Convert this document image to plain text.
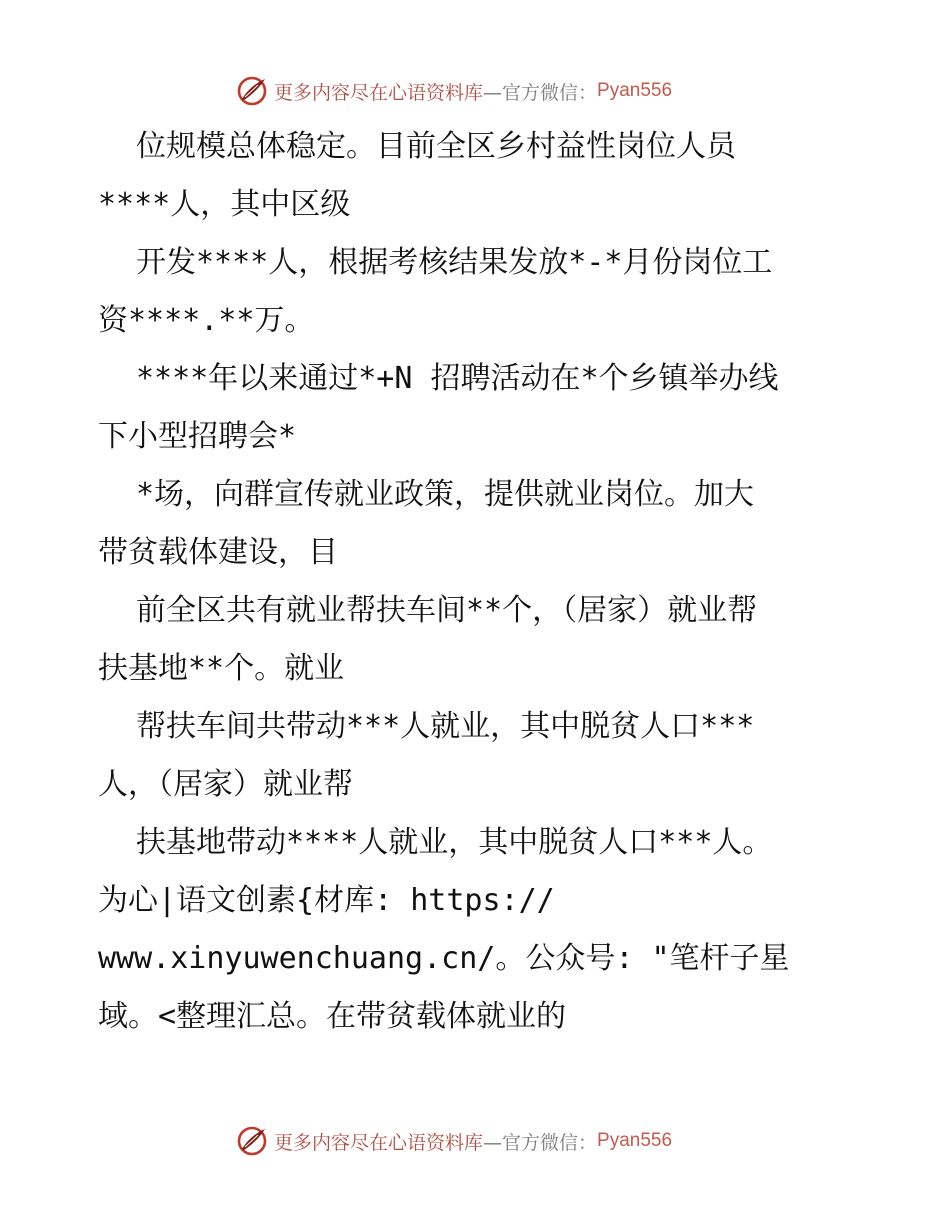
更多内容尽在心语资料库 —官方微信： Pyan556
位规模总体稳定。目前全区乡村益性岗位人员
****人，其中区级
开发****人，根据考核结果发放*-*月份岗位工
资****.**万。
****年以来通过*+N 招聘活动在*个乡镇举办线
下小型招聘会*
*场，向群宣传就业政策，提供就业岗位。加大
带贫载体建设，目
前全区共有就业帮扶车间**个，（居家）就业帮
扶基地**个。就业
帮扶车间共带动***人就业，其中脱贫人口***
人，（居家）就业帮
扶基地带动****人就业，其中脱贫人口***人。
为心|语文创素{材库: https://
www.xinyuwenchuang.cn/。公众号: "笔杆子星
域。<整理汇总。在带贫载体就业的
更多内容尽在心语资料库 —官方微信： Pyan556
